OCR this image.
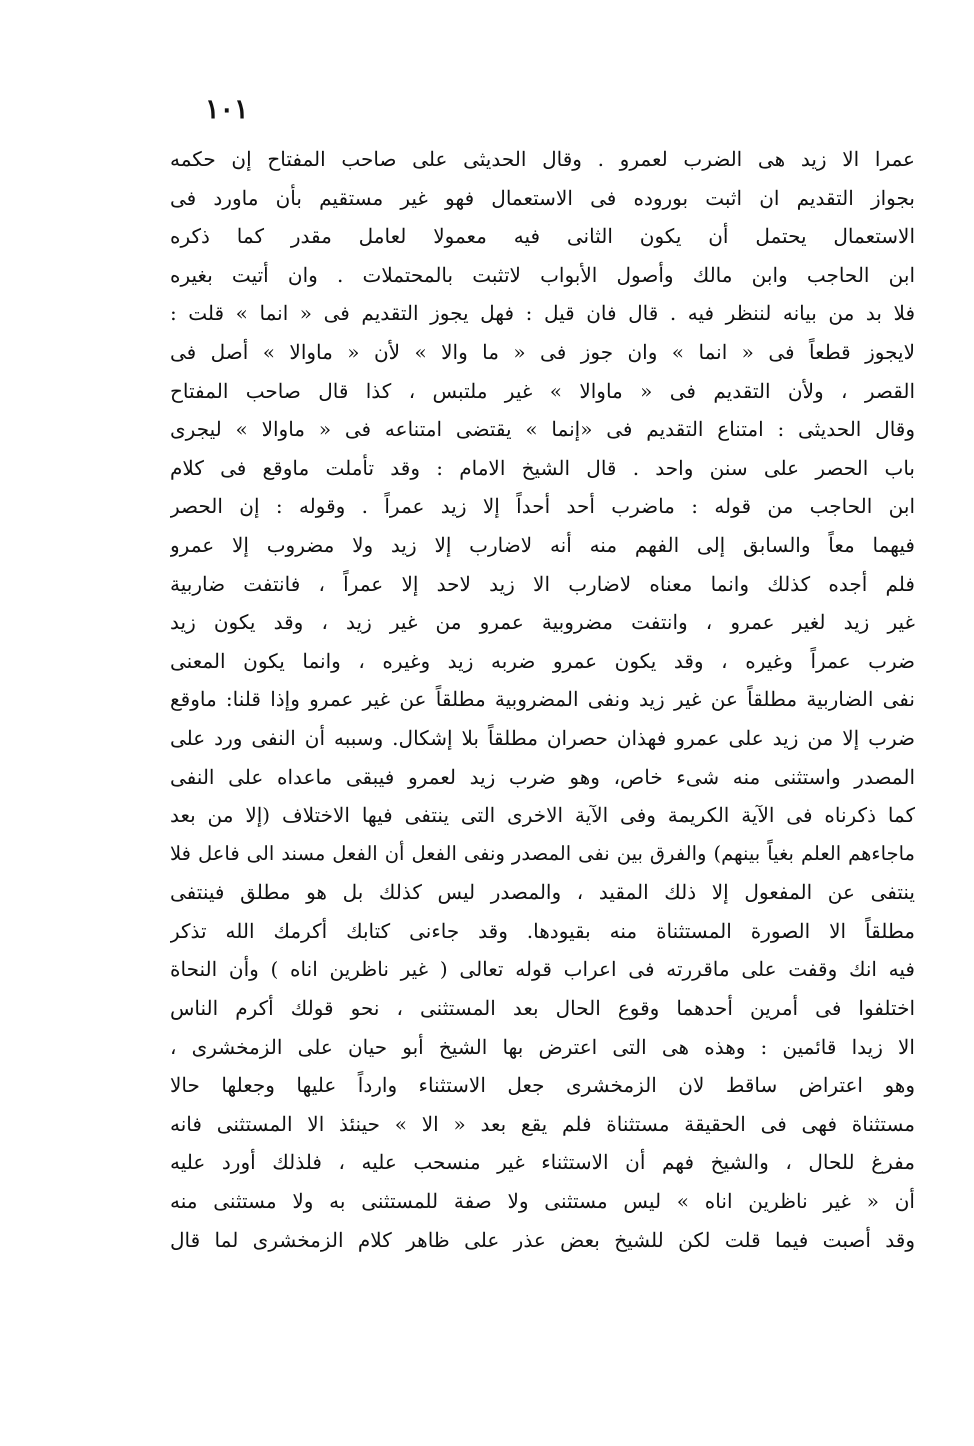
١٠١
عمرا الا زيد هى الضرب لعمرو . وقال الحديثى على صاحب المفتاح إن حكمه
بجواز التقديم ان اثبت بوروده فى الاستعمال فهو غير مستقيم بأن ماورد فى
الاستعمال يحتمل أن يكون الثانى فيه معمولا لعامل مقدر كما ذكره
ابن الحاجب وابن مالك وأصول الأبواب لاتثبت بالمحتملات . وان أتيت بغيره
فلا بد من بيانه لننظر فيه . قال فان قيل : فهل يجوز التقديم فى « انما » قلت :
لايجوز قطعاً فى « انما » وان جوز فى « ما والا » لأن « ماوالا » أصل فى
القصر ، ولأن التقديم فى « ماوالا » غير ملتبس ، كذا قال صاحب المفتاح
وقال الحديثى : امتناع التقديم فى «إنما » يقتضى امتناعه فى « ماوالا » ليجرى
باب الحصر على سنن واحد . قال الشيخ الامام : وقد تأملت ماوقع فى كلام
ابن الحاجب من قوله : ماضرب أحد أحداً إلا زيد عمراً . وقوله : إن الحصر
فيهما معاً والسابق إلى الفهم منه أنه لاضارب إلا زيد ولا مضروب إلا عمرو
فلم أجده كذلك وانما معناه لاضارب الا زيد لاحد إلا عمراً ، فانتفت ضاربية
غير زيد لغير عمرو ، وانتفت مضروبية عمرو من غير زيد ، وقد يكون زيد
ضرب عمراً وغيره ، وقد يكون عمرو ضربه زيد وغيره ، وانما يكون المعنى
نفى الضاربية مطلقاً عن غير زيد ونفى المضروبية مطلقاً عن غير عمرو وإذا قلنا: ماوقع
ضرب إلا من زيد على عمرو فهذان حصران مطلقاً بلا إشكال. وسببه أن النفى ورد على
المصدر واستثنى منه شىء خاص، وهو ضرب زيد لعمرو فيبقى ماعداه على النفى
كما ذكرناه فى الآية الكريمة وفى الآية الاخرى التى ينتفى فيها الاختلاف (إلا من بعد
ماجاءهم العلم بغياً بينهم) والفرق بين نفى المصدر ونفى الفعل أن الفعل مسند الى فاعل فلا
ينتفى عن المفعول إلا ذلك المقيد ، والمصدر ليس كذلك بل هو مطلق فينتفى
مطلقاً الا الصورة المستثناة منه بقيودها. وقد جاءنى كتابك أكرمك الله تذكر
فيه انك وقفت على ماقررته فى اعراب قوله تعالى ( غير ناظرين اناه ) وأن النحاة
اختلفوا فى أمرين أحدهما وقوع الحال بعد المستثنى ، نحو قولك أكرم الناس
الا زيدا قائمين : وهذه هى التى اعترض بها الشيخ أبو حيان على الزمخشرى ،
وهو اعتراض ساقط لان الزمخشرى جعل الاستثناء وارداً عليها وجعلها حالا
مستثناة فهى فى الحقيقة مستثناة فلم يقع بعد « الا » حينئذ الا المستثنى فانه
مفرغ للحال ، والشيخ فهم أن الاستثناء غير منسحب عليه ، فلذلك أورد عليه
أن « غير ناظرين اناه » ليس مستثنى ولا صفة للمستثنى به ولا مستثنى منه
وقد أصبت فيما قلت لكن للشيخ بعض عذر على ظاهر كلام الزمخشرى لما قال
